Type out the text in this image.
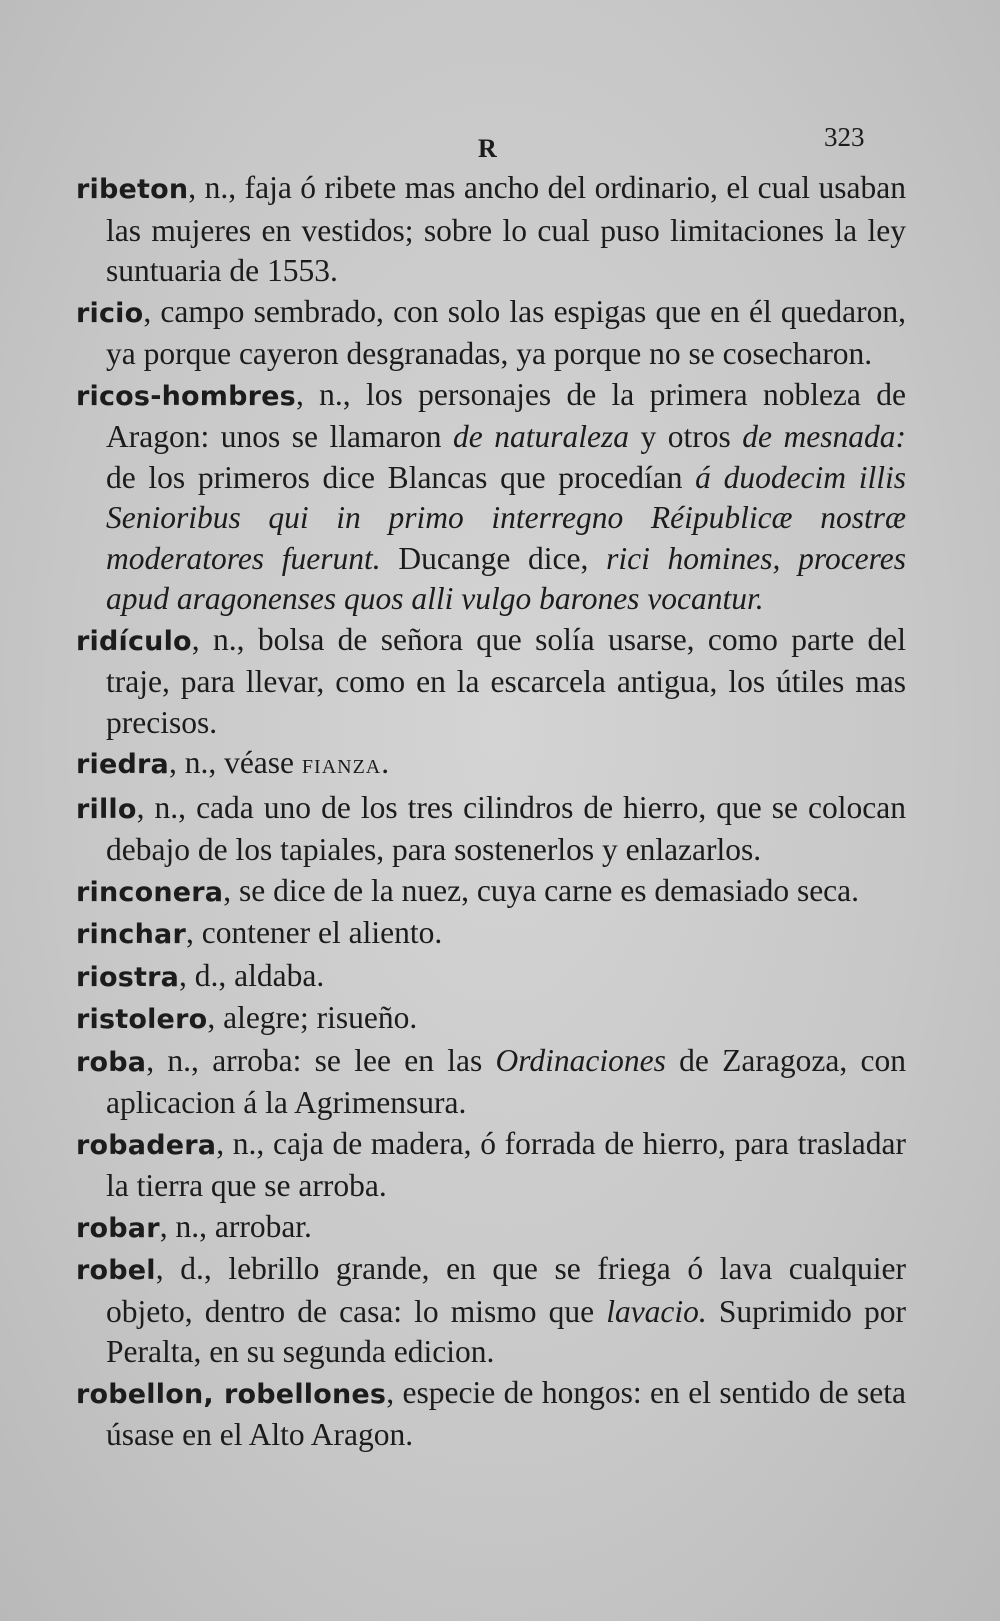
R	323

ribeton, n., faja ó ribete mas ancho del ordinario, el cual usaban las mujeres en vestidos; sobre lo cual puso limitaciones la ley suntuaria de 1553.

ricio, campo sembrado, con solo las espigas que en él quedaron, ya porque cayeron desgranadas, ya porque no se cosecharon.

ricos-hombres, n., los personajes de la primera nobleza de Aragon: unos se llamaron de naturaleza y otros de mesnada: de los primeros dice Blancas que procedían á duodecim illis Senioribus qui in primo interregno Réipublicæ nostræ moderatores fuerunt. Ducange dice, rici homines, proceres apud aragonenses quos alli vulgo barones vocantur.

ridículo, n., bolsa de señora que solía usarse, como parte del traje, para llevar, como en la escarcela antigua, los útiles mas precisos.

riedra, n., véase FIANZA.

rillo, n., cada uno de los tres cilindros de hierro, que se colocan debajo de los tapiales, para sostenerlos y enlazarlos.

rinconera, se dice de la nuez, cuya carne es demasiado seca.

rinchar, contener el aliento.

riostra, d., aldaba.

ristolero, alegre; risueño.

roba, n., arroba: se lee en las Ordinaciones de Zaragoza, con aplicacion á la Agrimensura.

robadera, n., caja de madera, ó forrada de hierro, para trasladar la tierra que se arroba.

robar, n., arrobar.

robel, d., lebrillo grande, en que se friega ó lava cualquier objeto, dentro de casa: lo mismo que lavacio. Suprimido por Peralta, en su segunda edicion.

robellon, robellones, especie de hongos: en el sentido de seta úsase en el Alto Aragon.
